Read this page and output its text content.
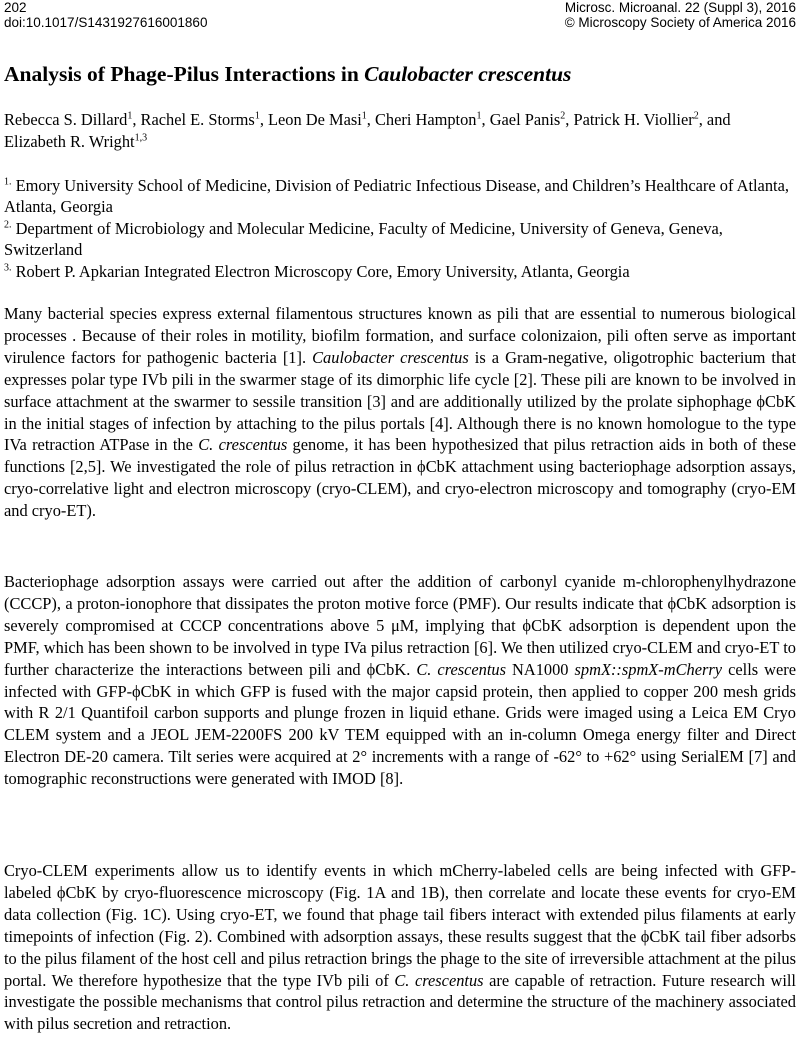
202
doi:10.1017/S1431927616001860
Microsc. Microanal. 22 (Suppl 3), 2016
© Microscopy Society of America 2016
Analysis of Phage-Pilus Interactions in Caulobacter crescentus
Rebecca S. Dillard$^1$, Rachel E. Storms$^1$, Leon De Masi$^1$, Cheri Hampton$^1$, Gael Panis$^2$, Patrick H. Viollier$^2$, and Elizabeth R. Wright$^{1,3}$
$^{1.}$ Emory University School of Medicine, Division of Pediatric Infectious Disease, and Children’s Healthcare of Atlanta, Atlanta, Georgia
$^{2.}$ Department of Microbiology and Molecular Medicine, Faculty of Medicine, University of Geneva, Geneva, Switzerland
$^{3.}$ Robert P. Apkarian Integrated Electron Microscopy Core, Emory University, Atlanta, Georgia

Many bacterial species express external filamentous structures known as pili that are essential to numerous biological processes . Because of their roles in motility, biofilm formation, and surface colonizaion, pili often serve as important virulence factors for pathogenic bacteria [1]. Caulobacter crescentus is a Gram-negative, oligotrophic bacterium that expresses polar type IVb pili in the swarmer stage of its dimorphic life cycle [2]. These pili are known to be involved in surface attachment at the swarmer to sessile transition [3] and are additionally utilized by the prolate siphophage ϕCbK in the initial stages of infection by attaching to the pilus portals [4]. Although there is no known homologue to the type IVa retraction ATPase in the C. crescentus genome, it has been hypothesized that pilus retraction aids in both of these functions [2,5]. We investigated the role of pilus retraction in ϕCbK attachment using bacteriophage adsorption assays, cryo-correlative light and electron microscopy (cryo-CLEM), and cryo-electron microscopy and tomography (cryo-EM and cryo-ET).

Bacteriophage adsorption assays were carried out after the addition of carbonyl cyanide m-chlorophenylhydrazone (CCCP), a proton-ionophore that dissipates the proton motive force (PMF). Our results indicate that ϕCbK adsorption is severely compromised at CCCP concentrations above 5 μM, implying that ϕCbK adsorption is dependent upon the PMF, which has been shown to be involved in type IVa pilus retraction [6]. We then utilized cryo-CLEM and cryo-ET to further characterize the interactions between pili and ϕCbK. C. crescentus NA1000 spmX::spmX-mCherry cells were infected with GFP-ϕCbK in which GFP is fused with the major capsid protein, then applied to copper 200 mesh grids with R 2/1 Quantifoil carbon supports and plunge frozen in liquid ethane. Grids were imaged using a Leica EM Cryo CLEM system and a JEOL JEM-2200FS 200 kV TEM equipped with an in-column Omega energy filter and Direct Electron DE-20 camera. Tilt series were acquired at 2° increments with a range of -62° to +62° using SerialEM [7] and tomographic reconstructions were generated with IMOD [8].

Cryo-CLEM experiments allow us to identify events in which mCherry-labeled cells are being infected with GFP-labeled ϕCbK by cryo-fluorescence microscopy (Fig. 1A and 1B), then correlate and locate these events for cryo-EM data collection (Fig. 1C). Using cryo-ET, we found that phage tail fibers interact with extended pilus filaments at early timepoints of infection (Fig. 2). Combined with adsorption assays, these results suggest that the ϕCbK tail fiber adsorbs to the pilus filament of the host cell and pilus retraction brings the phage to the site of irreversible attachment at the pilus portal. We therefore hypothesize that the type IVb pili of C. crescentus are capable of retraction. Future research will investigate the possible mechanisms that control pilus retraction and determine the structure of the machinery associated with pilus secretion and retraction.
